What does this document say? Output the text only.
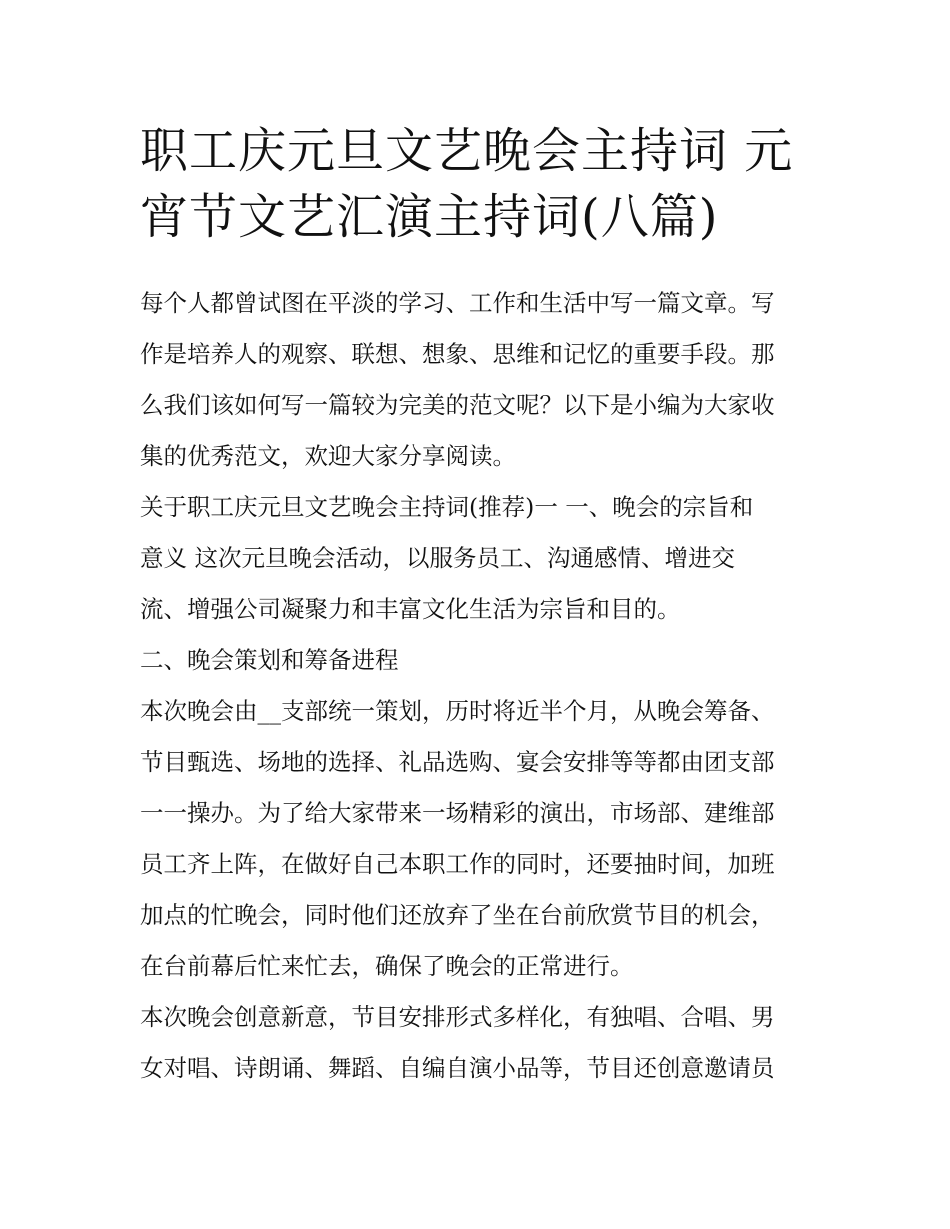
职工庆元旦文艺晚会主持词 元
宵节文艺汇演主持词(八篇)

每个人都曾试图在平淡的学习、工作和生活中写一篇文章。写
作是培养人的观察、联想、想象、思维和记忆的重要手段。那
么我们该如何写一篇较为完美的范文呢？以下是小编为大家收
集的优秀范文，欢迎大家分享阅读。

关于职工庆元旦文艺晚会主持词(推荐)一 一、晚会的宗旨和
意义 这次元旦晚会活动，以服务员工、沟通感情、增进交
流、增强公司凝聚力和丰富文化生活为宗旨和目的。

二、晚会策划和筹备进程

本次晚会由__支部统一策划，历时将近半个月，从晚会筹备、
节目甄选、场地的选择、礼品选购、宴会安排等等都由团支部
一一操办。为了给大家带来一场精彩的演出，市场部、建维部
员工齐上阵，在做好自己本职工作的同时，还要抽时间，加班
加点的忙晚会，同时他们还放弃了坐在台前欣赏节目的机会，
在台前幕后忙来忙去，确保了晚会的正常进行。

本次晚会创意新意，节目安排形式多样化，有独唱、合唱、男
女对唱、诗朗诵、舞蹈、自编自演小品等，节目还创意邀请员
